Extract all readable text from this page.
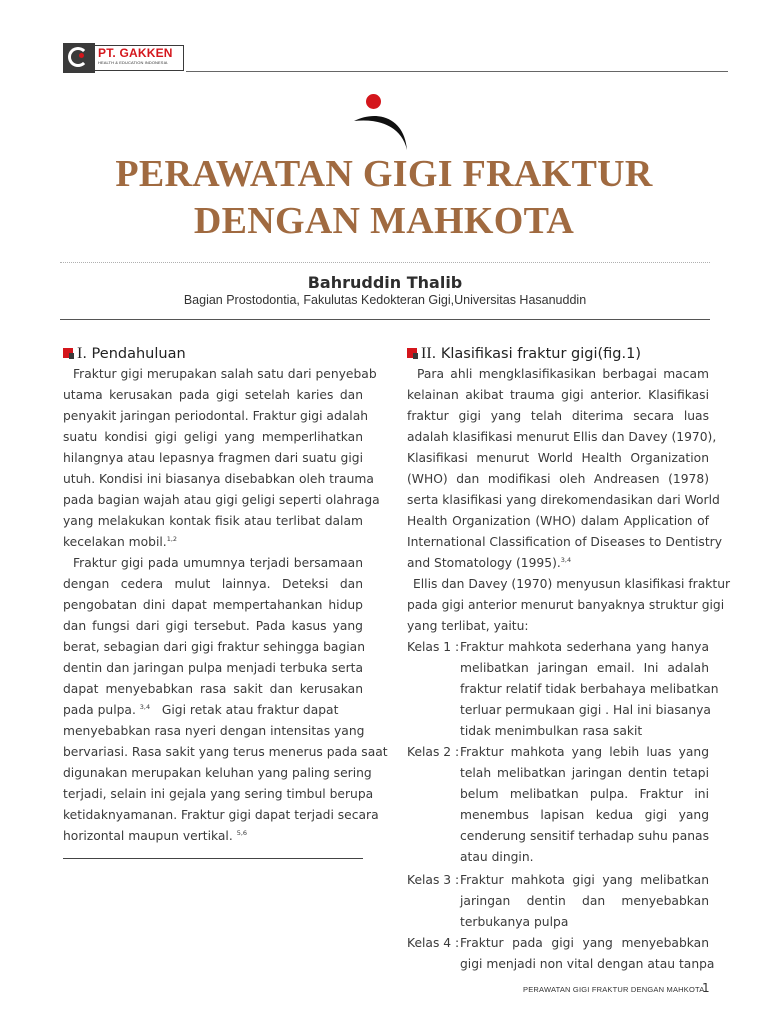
PT. GAKKEN
HEALTH & EDUCATION INDONESIA
PERAWATAN GIGI FRAKTUR
DENGAN MAHKOTA
Bahruddin Thalib
Bagian Prostodontia, Fakulutas Kedokteran Gigi,Universitas Hasanuddin
I. Pendahuluan
Fraktur gigi merupakan salah satu dari penyebab
utama kerusakan pada gigi setelah karies dan
penyakit jaringan periodontal. Fraktur gigi adalah
suatu kondisi gigi geligi yang memperlihatkan
hilangnya atau lepasnya fragmen dari suatu gigi
utuh. Kondisi ini biasanya disebabkan oleh trauma
pada bagian wajah atau gigi geligi seperti olahraga
yang melakukan kontak fisik atau terlibat dalam
kecelakan mobil.$^{1,2}$
Fraktur gigi pada umumnya terjadi bersamaan
dengan cedera mulut lainnya. Deteksi dan
pengobatan dini dapat mempertahankan hidup
dan fungsi dari gigi tersebut. Pada kasus yang
berat, sebagian dari gigi fraktur sehingga bagian
dentin dan jaringan pulpa menjadi terbuka serta
dapat menyebabkan rasa sakit dan kerusakan
pada pulpa. $^{3,4}$ Gigi retak atau fraktur dapat
menyebabkan rasa nyeri dengan intensitas yang
bervariasi. Rasa sakit yang terus menerus pada saat
digunakan merupakan keluhan yang paling sering
terjadi, selain ini gejala yang sering timbul berupa
ketidaknyamanan. Fraktur gigi dapat terjadi secara
horizontal maupun vertikal. $^{5,6}$
II. Klasifikasi fraktur gigi(fig.1)
Para ahli mengklasifikasikan berbagai macam
kelainan akibat trauma gigi anterior. Klasifikasi
fraktur gigi yang telah diterima secara luas
adalah klasifikasi menurut Ellis dan Davey (1970),
Klasifikasi menurut World Health Organization
(WHO) dan modifikasi oleh Andreasen (1978)
serta klasifikasi yang direkomendasikan dari World
Health Organization (WHO) dalam Application of
International Classification of Diseases to Dentistry
and Stomatology (1995).$^{3,4}$
Ellis dan Davey (1970) menyusun klasifikasi fraktur
pada gigi anterior menurut banyaknya struktur gigi
yang terlibat, yaitu:
Kelas 1 : Fraktur mahkota sederhana yang hanya
melibatkan jaringan email. Ini adalah
fraktur relatif tidak berbahaya melibatkan
terluar permukaan gigi . Hal ini biasanya
tidak menimbulkan rasa sakit
Kelas 2 : Fraktur mahkota yang lebih luas yang
telah melibatkan jaringan dentin tetapi
belum melibatkan pulpa. Fraktur ini
menembus lapisan kedua gigi yang
cenderung sensitif terhadap suhu panas
atau dingin.
Kelas 3 : Fraktur mahkota gigi yang melibatkan
jaringan dentin dan menyebabkan
terbukanya pulpa
Kelas 4 : Fraktur pada gigi yang menyebabkan
gigi menjadi non vital dengan atau tanpa
PERAWATAN GIGI FRAKTUR DENGAN MAHKOTA
1
